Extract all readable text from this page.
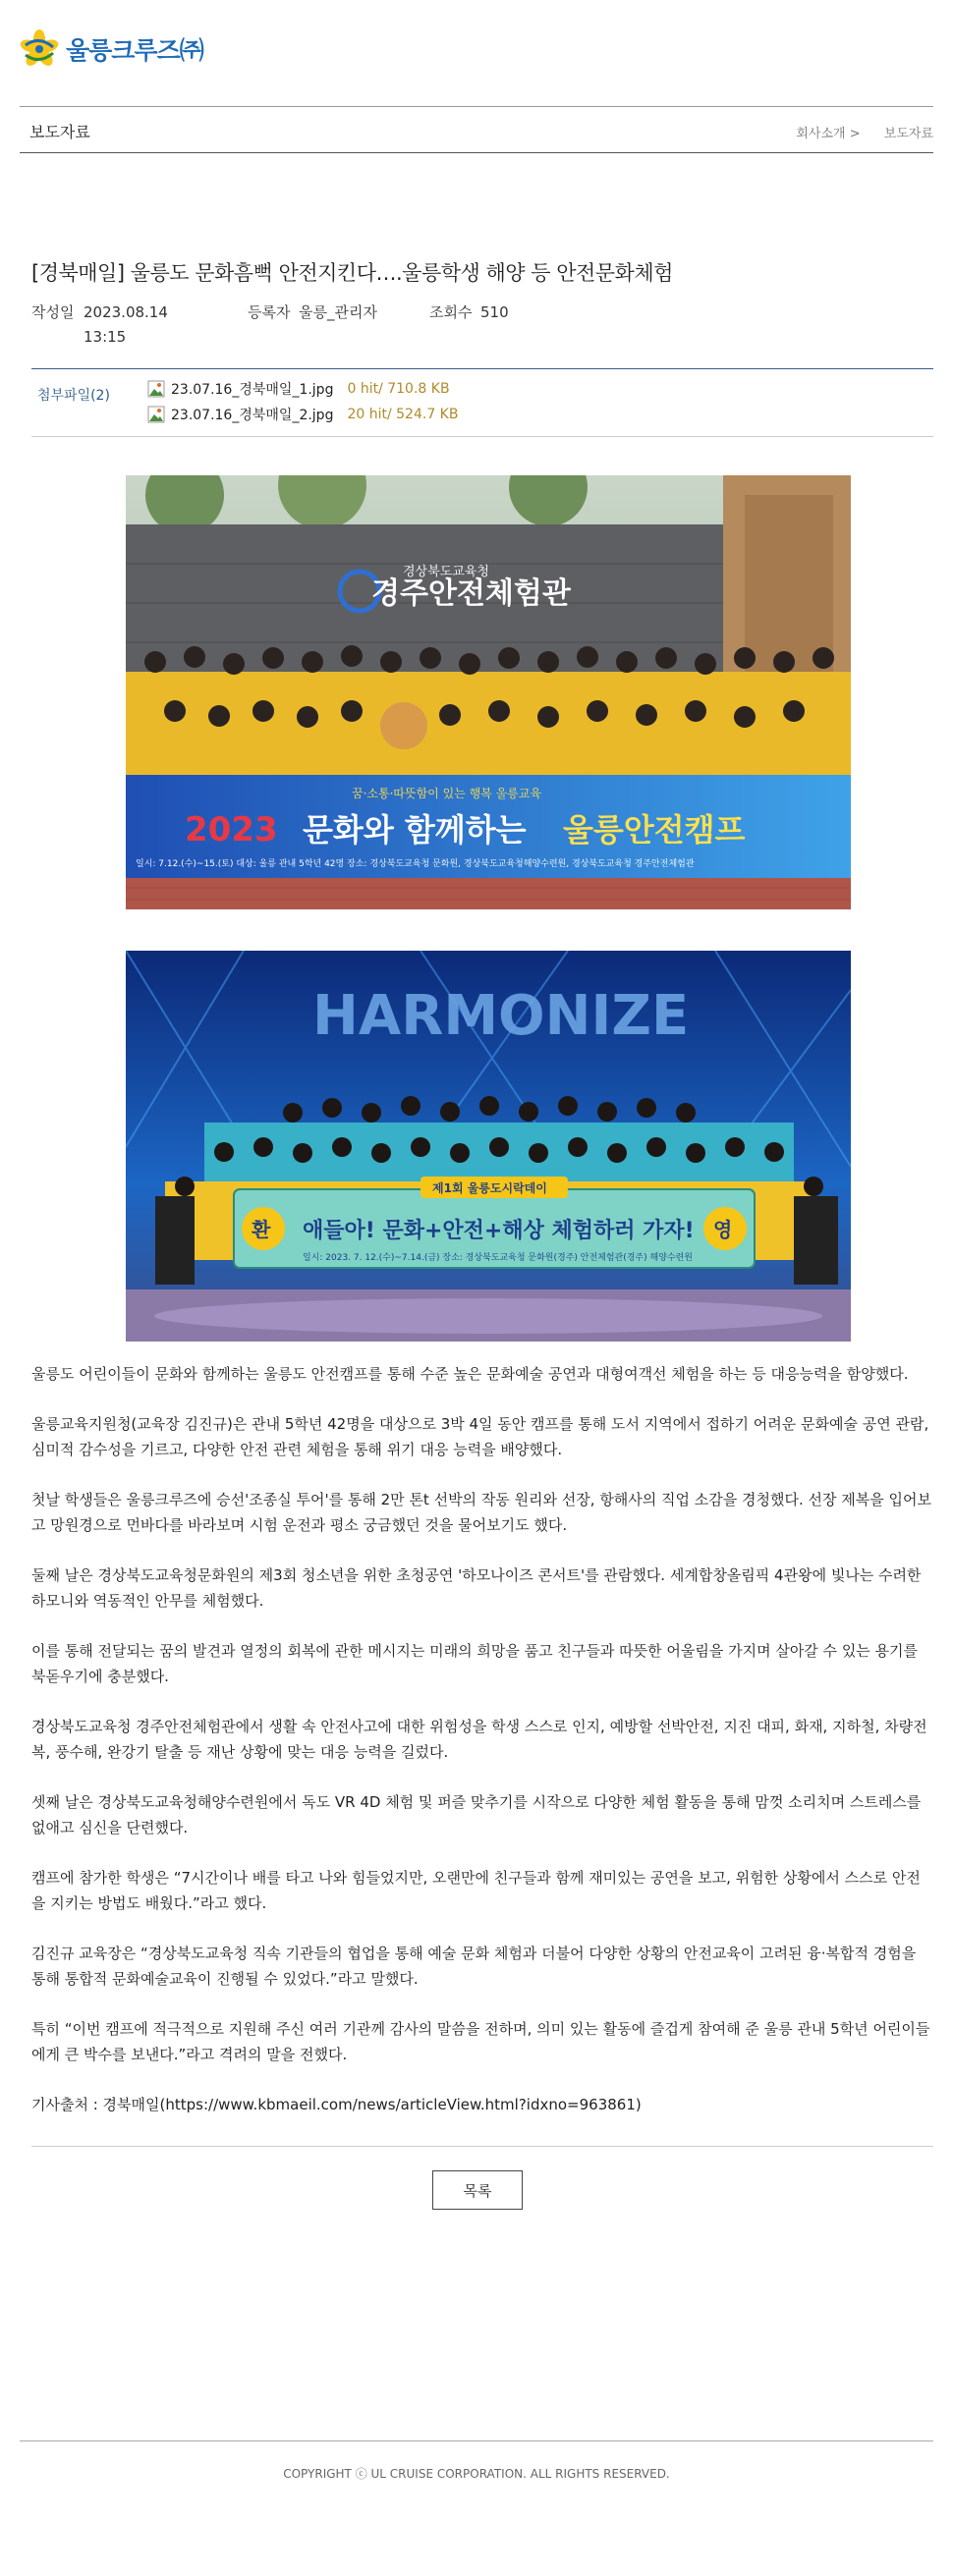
울릉크루즈㈜
보도자료	회사소개 > 보도자료
[경북매일] 울릉도 문화흠뻑 안전지킨다….울릉학생 해양 등 안전문화체험
작성일 2023.08.14
13:15
등록자 울릉_관리자	조회수 510
첨부파일(2)	23.07.16_경북매일_1.jpg 0 hit/ 710.8 KB
23.07.16_경북매일_2.jpg 20 hit/ 524.7 KB
경상북도교육청
경주안전체험관
꿈·소통·따뜻함이 있는 행복 울릉교육
2023 문화와 함께하는 울릉안전캠프
일시: 7.12.(수)~15.(토) 대상: 울릉 관내 5학년 42명 장소: 경상북도교육청 문화원, 경상북도교육청해양수련원, 경상북도교육청 경주안전체험관
HARMONIZE
환	영
제1회 울릉도시락데이
애들아! 문화+안전+해상 체험하러 가자!
일시: 2023. 7. 12.(수)~7.14.(금) 장소: 경상북도교육청 문화원(경주) 안전체험관(경주) 해양수련원

울릉도 어린이들이 문화와 함께하는 울릉도 안전캠프를 통해 수준 높은 문화예술 공연과 대형여객선 체험을 하는 등 대응능력을 함양했다.

울릉교육지원청(교육장 김진규)은 관내 5학년 42명을 대상으로 3박 4일 동안 캠프를 통해 도서 지역에서 접하기 어려운 문화예술 공연 관람, 심미적 감수성을 기르고, 다양한 안전 관련 체험을 통해 위기 대응 능력을 배양했다.

첫날 학생들은 울릉크루즈에 승선'조종실 투어'를 통해 2만 톤t 선박의 작동 원리와 선장, 항해사의 직업 소감을 경청했다. 선장 제복을 입어보고 망원경으로 먼바다를 바라보며 시험 운전과 평소 궁금했던 것을 물어보기도 했다.

둘째 날은 경상북도교육청문화원의 제3회 청소년을 위한 초청공연 '하모나이즈 콘서트'를 관람했다. 세계합창올림픽 4관왕에 빛나는 수려한 하모니와 역동적인 안무를 체험했다.

이를 통해 전달되는 꿈의 발견과 열정의 회복에 관한 메시지는 미래의 희망을 품고 친구들과 따뜻한 어울림을 가지며 살아갈 수 있는 용기를 북돋우기에 충분했다.

경상북도교육청 경주안전체험관에서 생활 속 안전사고에 대한 위험성을 학생 스스로 인지, 예방할 선박안전, 지진 대피, 화재, 지하철, 차량전복, 풍수해, 완강기 탈출 등 재난 상황에 맞는 대응 능력을 길렀다.

셋째 날은 경상북도교육청해양수련원에서 독도 VR 4D 체험 및 퍼즐 맞추기를 시작으로 다양한 체험 활동을 통해 맘껏 소리치며 스트레스를 없애고 심신을 단련했다.

캠프에 참가한 학생은 “7시간이나 배를 타고 나와 힘들었지만, 오랜만에 친구들과 함께 재미있는 공연을 보고, 위험한 상황에서 스스로 안전을 지키는 방법도 배웠다.”라고 했다.

김진규 교육장은 “경상북도교육청 직속 기관들의 협업을 통해 예술 문화 체험과 더불어 다양한 상황의 안전교육이 고려된 융·복합적 경험을 통해 통합적 문화예술교육이 진행될 수 있었다.”라고 말했다.

특히 “이번 캠프에 적극적으로 지원해 주신 여러 기관께 감사의 말씀을 전하며, 의미 있는 활동에 즐겁게 참여해 준 울릉 관내 5학년 어린이들에게 큰 박수를 보낸다.”라고 격려의 말을 전했다.

기사출처 : 경북매일(https://www.kbmaeil.com/news/articleView.html?idxno=963861)

목록
COPYRIGHT ⓒ UL CRUISE CORPORATION. ALL RIGHTS RESERVED.
